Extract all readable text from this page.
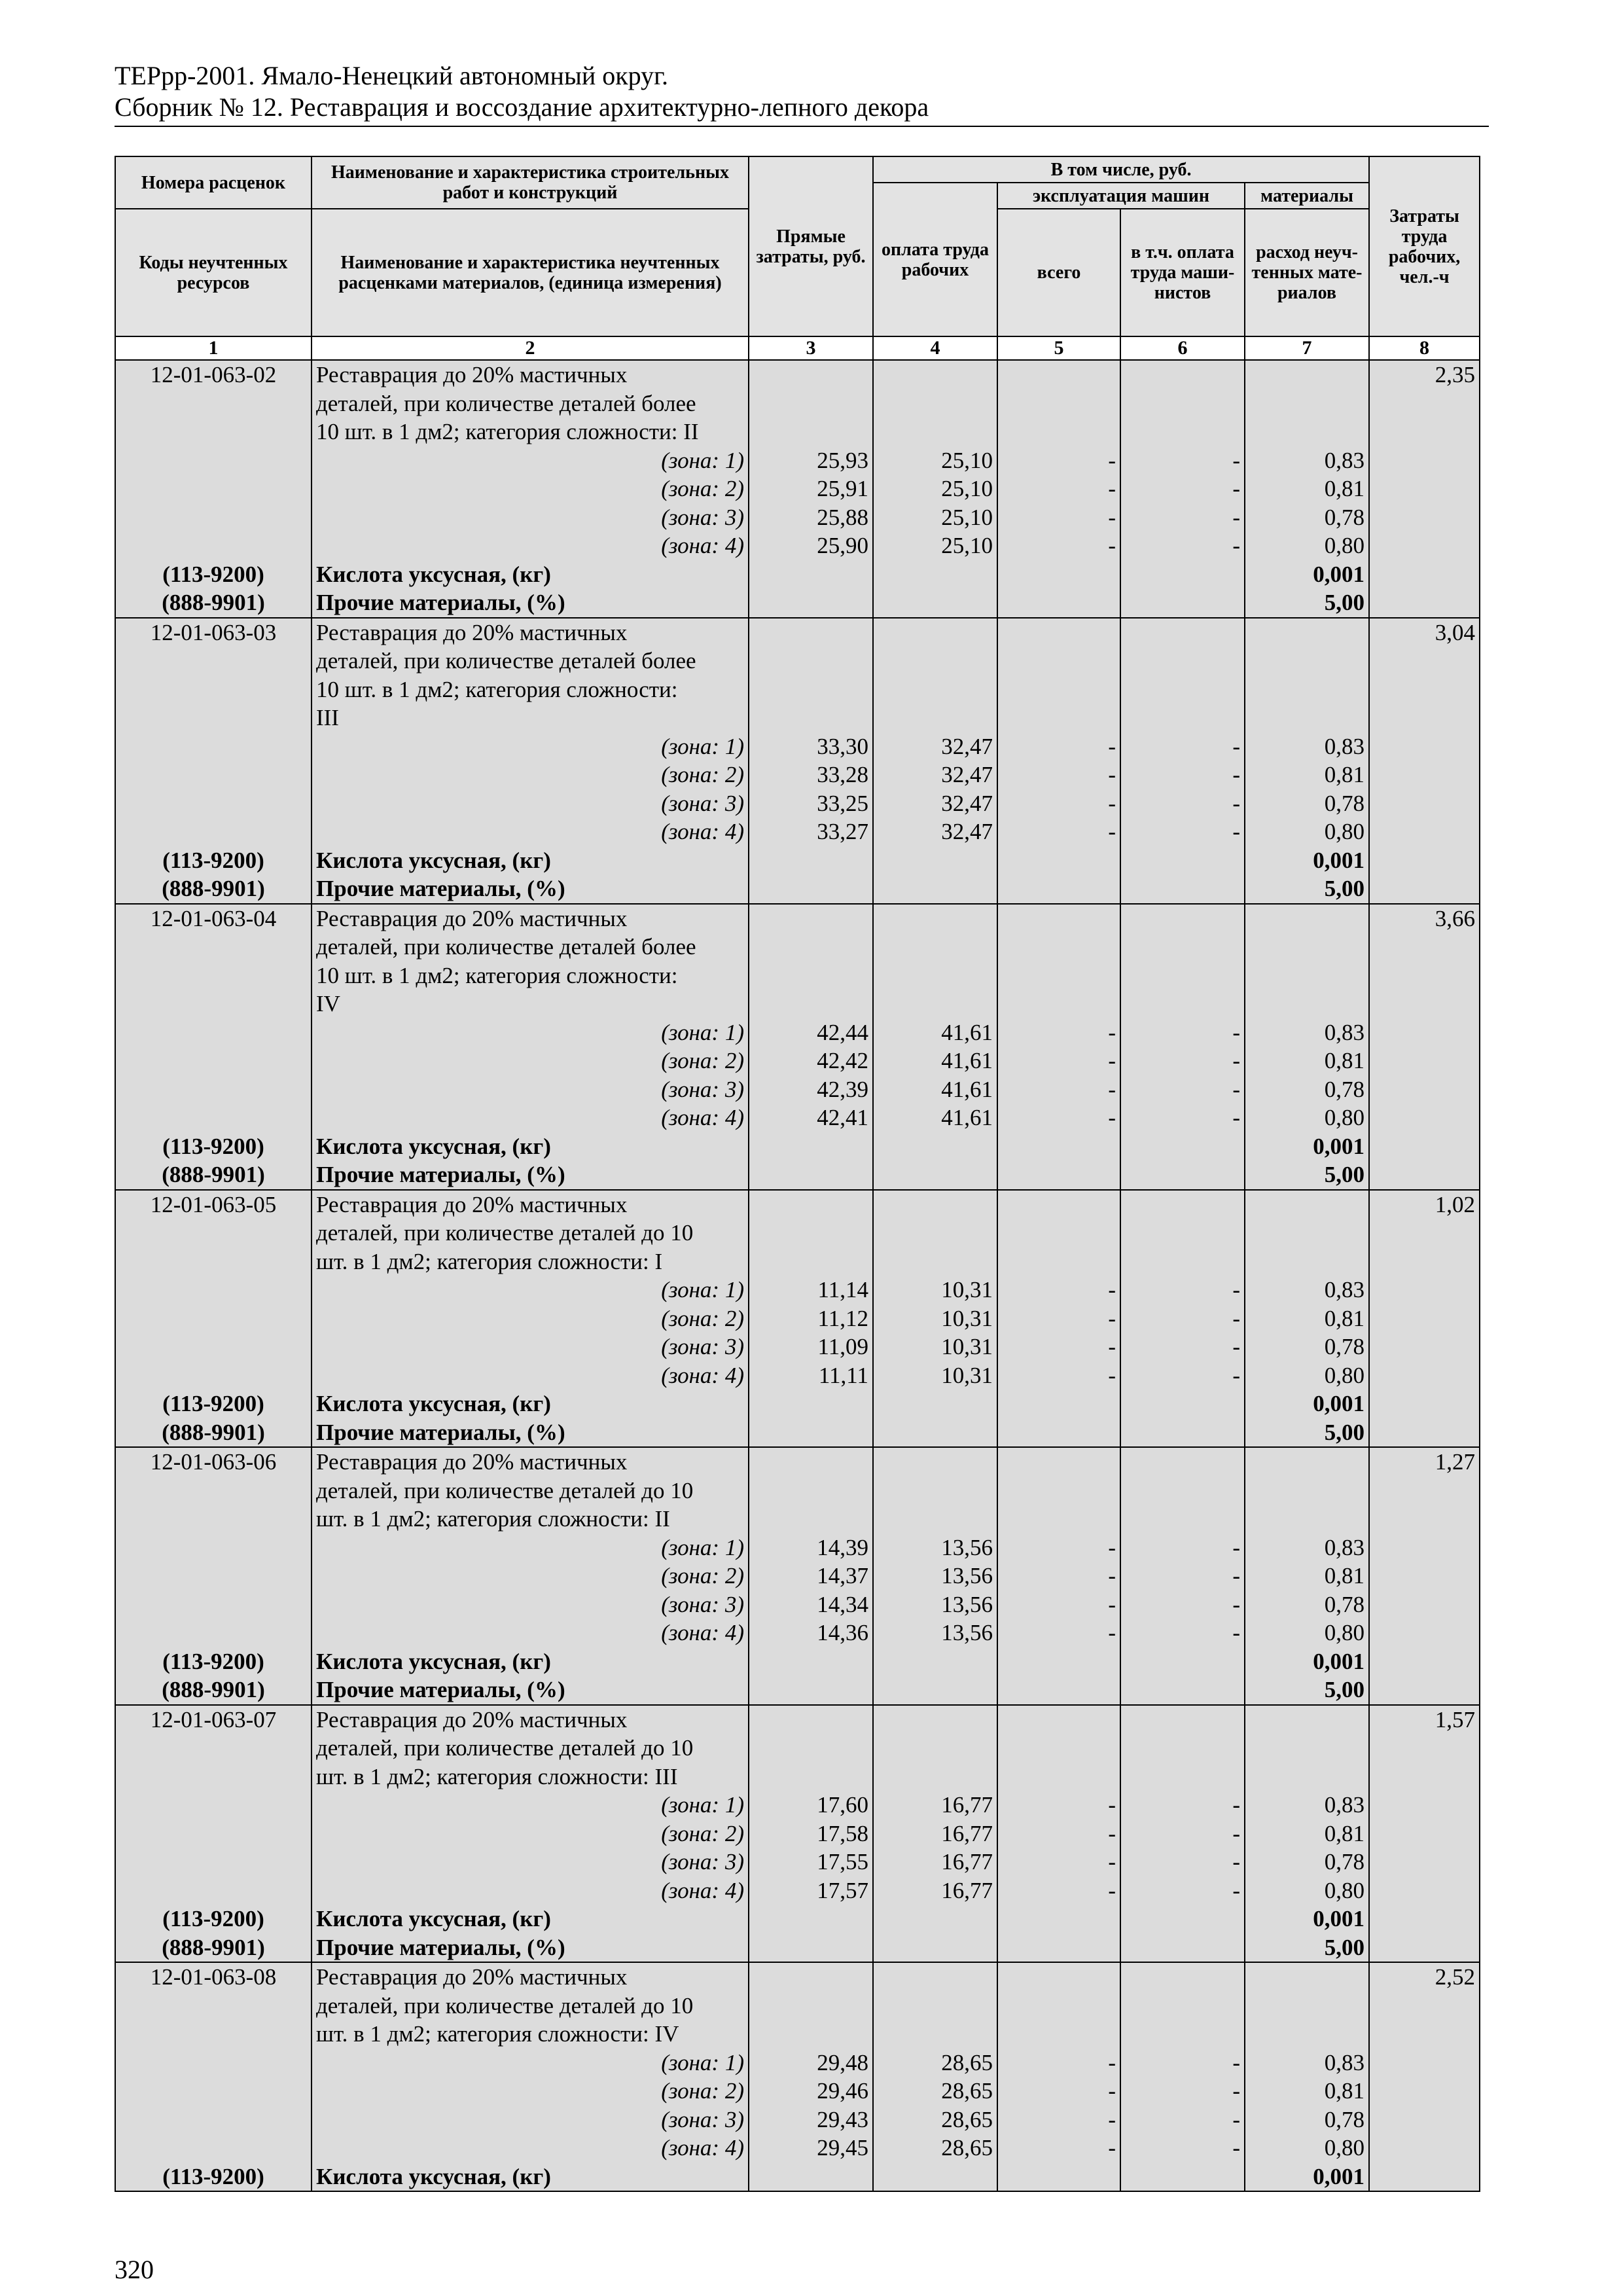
ТЕРрр-2001. Ямало-Ненецкий автономный округ.
Сборник № 12. Реставрация и воссоздание архитектурно-лепного декора
Номера расценок	Наименование и характеристика строительных работ и конструкций	Прямые затраты, руб.	В том числе, руб.				Затраты труда рабочих, чел.-ч
			оплата труда рабочих	эксплуатация машин		материалы	
Коды неучтенных ресурсов	Наименование и характеристика неучтенных расценками материалов, (единица измерения)			всего	в т.ч. оплата труда маши- нистов	расход неуч- тенных мате- риалов	
1	2	3	4	5	6	7	8
12-01-063-02	Реставрация до 20% мастичных						2,35
	деталей, при количестве деталей более						
	10 шт. в 1 дм2; категория сложности: II						
	(зона: 1)	25,93	25,10	-	-	0,83	
	(зона: 2)	25,91	25,10	-	-	0,81	
	(зона: 3)	25,88	25,10	-	-	0,78	
	(зона: 4)	25,90	25,10	-	-	0,80	
(113-9200)	Кислота уксусная, (кг)					0,001	
(888-9901)	Прочие материалы, (%)					5,00	
12-01-063-03	Реставрация до 20% мастичных						3,04
	деталей, при количестве деталей более						
	10 шт. в 1 дм2; категория сложности:						
	III						
	(зона: 1)	33,30	32,47	-	-	0,83	
	(зона: 2)	33,28	32,47	-	-	0,81	
	(зона: 3)	33,25	32,47	-	-	0,78	
	(зона: 4)	33,27	32,47	-	-	0,80	
(113-9200)	Кислота уксусная, (кг)					0,001	
(888-9901)	Прочие материалы, (%)					5,00	
12-01-063-04	Реставрация до 20% мастичных						3,66
	деталей, при количестве деталей более						
	10 шт. в 1 дм2; категория сложности:						
	IV						
	(зона: 1)	42,44	41,61	-	-	0,83	
	(зона: 2)	42,42	41,61	-	-	0,81	
	(зона: 3)	42,39	41,61	-	-	0,78	
	(зона: 4)	42,41	41,61	-	-	0,80	
(113-9200)	Кислота уксусная, (кг)					0,001	
(888-9901)	Прочие материалы, (%)					5,00	
12-01-063-05	Реставрация до 20% мастичных						1,02
	деталей, при количестве деталей до 10						
	шт. в 1 дм2; категория сложности: I						
	(зона: 1)	11,14	10,31	-	-	0,83	
	(зона: 2)	11,12	10,31	-	-	0,81	
	(зона: 3)	11,09	10,31	-	-	0,78	
	(зона: 4)	11,11	10,31	-	-	0,80	
(113-9200)	Кислота уксусная, (кг)					0,001	
(888-9901)	Прочие материалы, (%)					5,00	
12-01-063-06	Реставрация до 20% мастичных						1,27
	деталей, при количестве деталей до 10						
	шт. в 1 дм2; категория сложности: II						
	(зона: 1)	14,39	13,56	-	-	0,83	
	(зона: 2)	14,37	13,56	-	-	0,81	
	(зона: 3)	14,34	13,56	-	-	0,78	
	(зона: 4)	14,36	13,56	-	-	0,80	
(113-9200)	Кислота уксусная, (кг)					0,001	
(888-9901)	Прочие материалы, (%)					5,00	
12-01-063-07	Реставрация до 20% мастичных						1,57
	деталей, при количестве деталей до 10						
	шт. в 1 дм2; категория сложности: III						
	(зона: 1)	17,60	16,77	-	-	0,83	
	(зона: 2)	17,58	16,77	-	-	0,81	
	(зона: 3)	17,55	16,77	-	-	0,78	
	(зона: 4)	17,57	16,77	-	-	0,80	
(113-9200)	Кислота уксусная, (кг)					0,001	
(888-9901)	Прочие материалы, (%)					5,00	
12-01-063-08	Реставрация до 20% мастичных						2,52
	деталей, при количестве деталей до 10						
	шт. в 1 дм2; категория сложности: IV						
	(зона: 1)	29,48	28,65	-	-	0,83	
	(зона: 2)	29,46	28,65	-	-	0,81	
	(зона: 3)	29,43	28,65	-	-	0,78	
	(зона: 4)	29,45	28,65	-	-	0,80	
(113-9200)	Кислота уксусная, (кг)					0,001	
320
